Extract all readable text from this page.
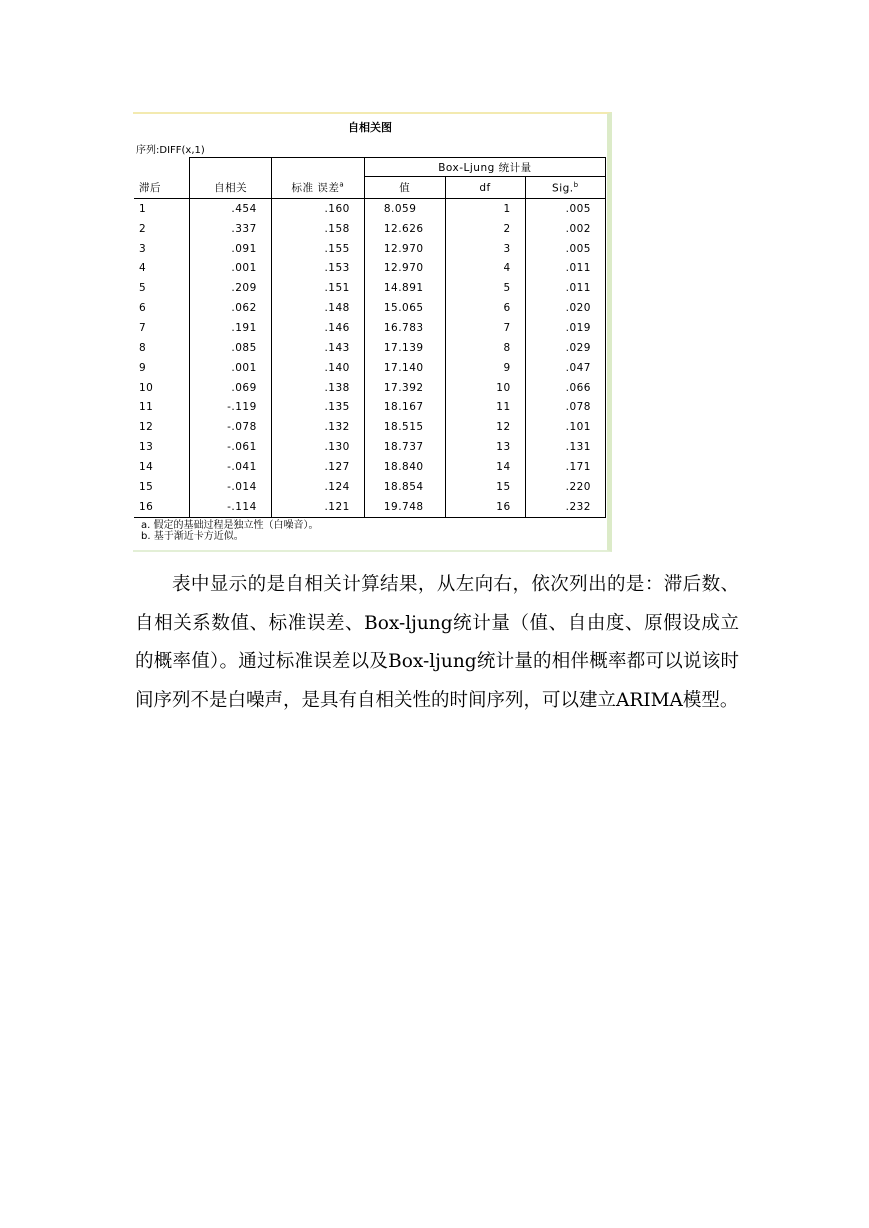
自相关图
序列:DIFF(x,1)
			Box-Ljung 统计量		
滞后	自相关	标准 误差$^a$	值	df	Sig.$^b$
1	.454	.160	8.059	1	.005
2	.337	.158	12.626	2	.002
3	.091	.155	12.970	3	.005
4	.001	.153	12.970	4	.011
5	.209	.151	14.891	5	.011
6	.062	.148	15.065	6	.020
7	.191	.146	16.783	7	.019
8	.085	.143	17.139	8	.029
9	.001	.140	17.140	9	.047
10	.069	.138	17.392	10	.066
11	-.119	.135	18.167	11	.078
12	-.078	.132	18.515	12	.101
13	-.061	.130	18.737	13	.131
14	-.041	.127	18.840	14	.171
15	-.014	.124	18.854	15	.220
16	-.114	.121	19.748	16	.232
a. 假定的基础过程是独立性（白噪音）。
b. 基于渐近卡方近似。

表中显示的是自相关计算结果，从左向右，依次列出的是：滞后数、自相关系数值、标准误差、Box-ljung统计量（值、自由度、原假设成立的概率值）。通过标准误差以及Box-ljung统计量的相伴概率都可以说该时间序列不是白噪声，是具有自相关性的时间序列，可以建立ARIMA模型。
